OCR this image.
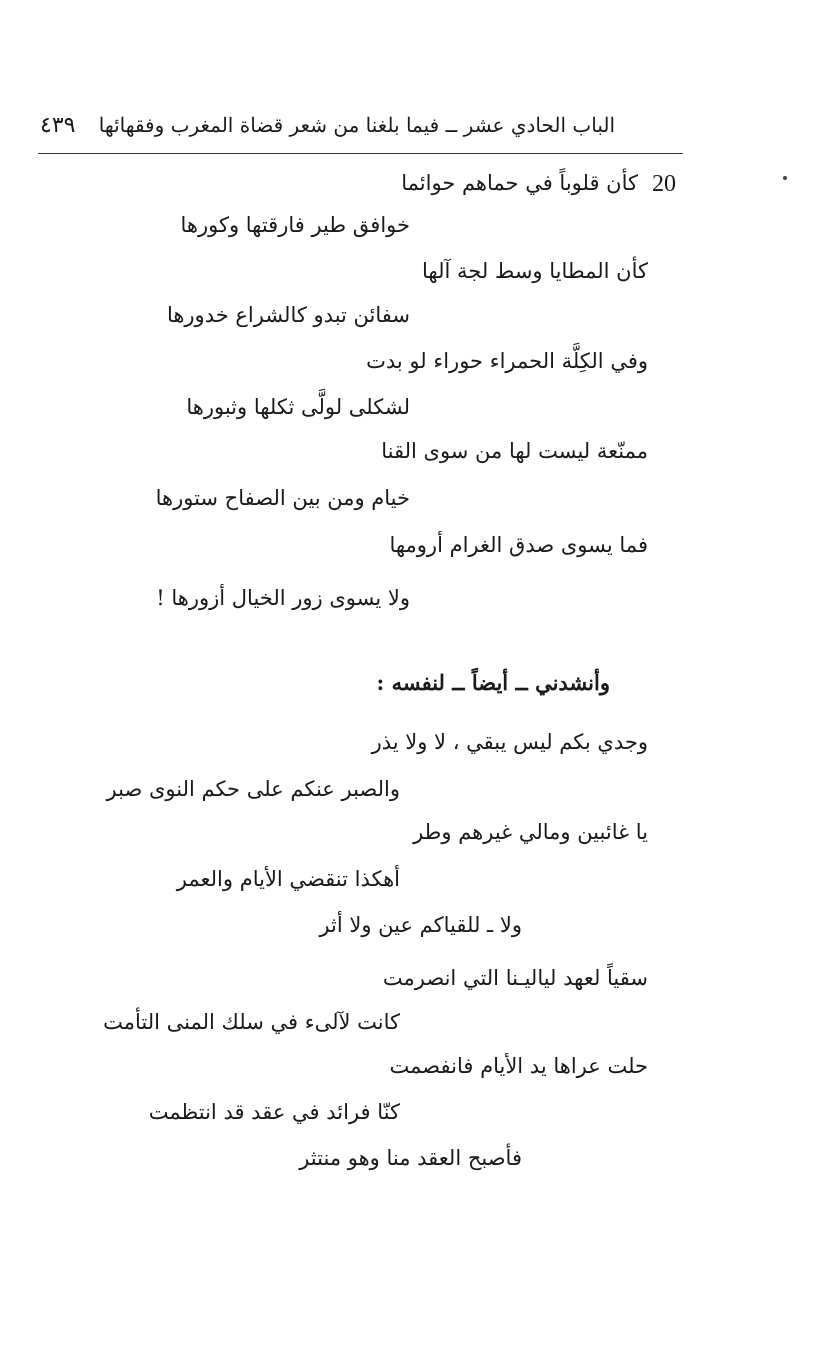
الباب الحادي عشر ــ فيما بلغنا من شعر قضاة المغرب وفقهائها
٤٣٩
20
كأن قلوباً في حماهم حوائما
خوافق طير فارقتها وكورها
كأن المطايا وسط لجة آلها
سفائن تبدو كالشراع خدورها
وفي الكِلَّة الحمراء حوراء لو بدت
لشكلى لولَّى ثكلها وثبورها
ممنّعة ليست لها من سوى القنا
خيام ومن بين الصفاح ستورها
فما يسوى صدق الغرام أرومها
ولا يسوى زور الخيال أزورها !
وأنشدني ــ أيضاً ــ لنفسه :
وجدي بكم ليس يبقي ، لا ولا يذر
والصبر عنكم على حكم النوى صبر
يا غائبين ومالي غيرهم وطر
أهكذا تنقضي الأيام والعمر
ولا ـ للقياكم عين ولا أثر
سقياً لعهد لياليـنا التي انصرمت
كانت لآلىء في سلك المنى التأمت
حلت عراها يد الأيام فانفصمت
كنّا فرائد في عقد قد انتظمت
فأصبح العقد منا وهو منتثر
